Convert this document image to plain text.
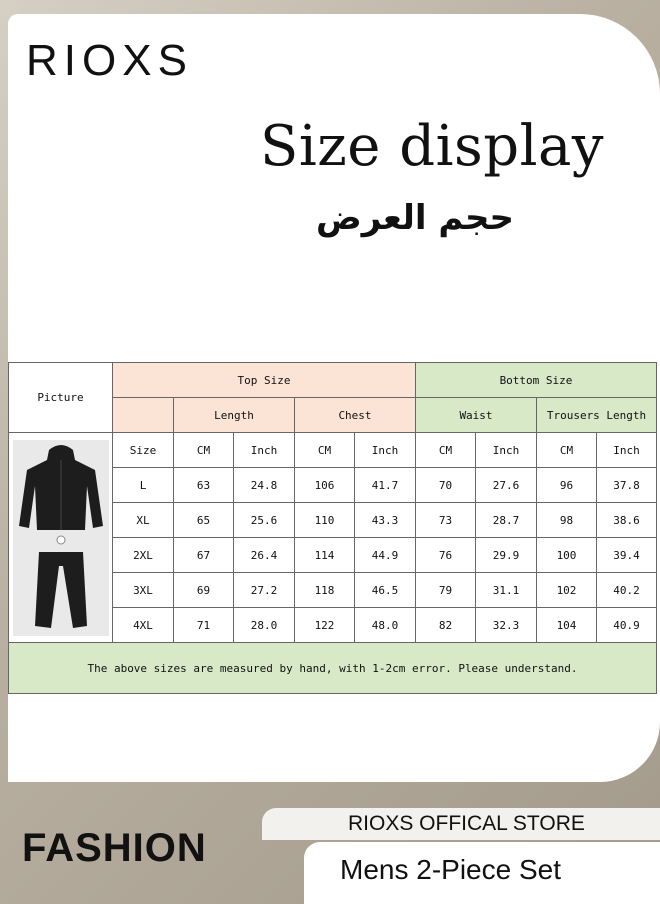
RIOXS
Size display
حجم العرض
Picture	Top Size					Bottom Size			
		Length		Chest		Waist		Trousers Length	

	Size	CM	Inch	CM	Inch	CM	Inch	CM	Inch
	L	63	24.8	106	41.7	70	27.6	96	37.8
	XL	65	25.6	110	43.3	73	28.7	98	38.6
	2XL	67	26.4	114	44.9	76	29.9	100	39.4
	3XL	69	27.2	118	46.5	79	31.1	102	40.2
	4XL	71	28.0	122	48.0	82	32.3	104	40.9
The above sizes are measured by hand, with 1-2cm error. Please understand.									
FASHION
RIOXS OFFICAL STORE
Mens 2-Piece Set
